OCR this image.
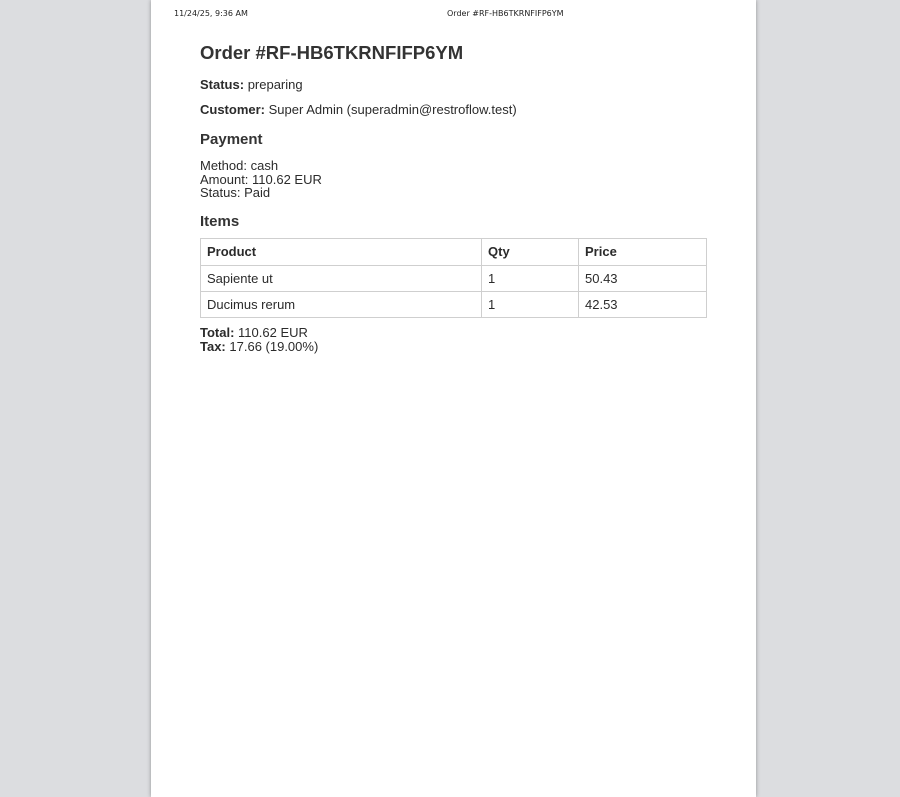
11/24/25, 9:36 AM	Order #RF-HB6TKRNFIFP6YM
Order #RF-HB6TKRNFIFP6YM
Status: preparing
Customer: Super Admin (superadmin@restroflow.test)
Payment
Method: cash
Amount: 110.62 EUR
Status: Paid
Items
Product	Qty	Price
Sapiente ut	1	50.43
Ducimus rerum	1	42.53
Total: 110.62 EUR
Tax: 17.66 (19.00%)
